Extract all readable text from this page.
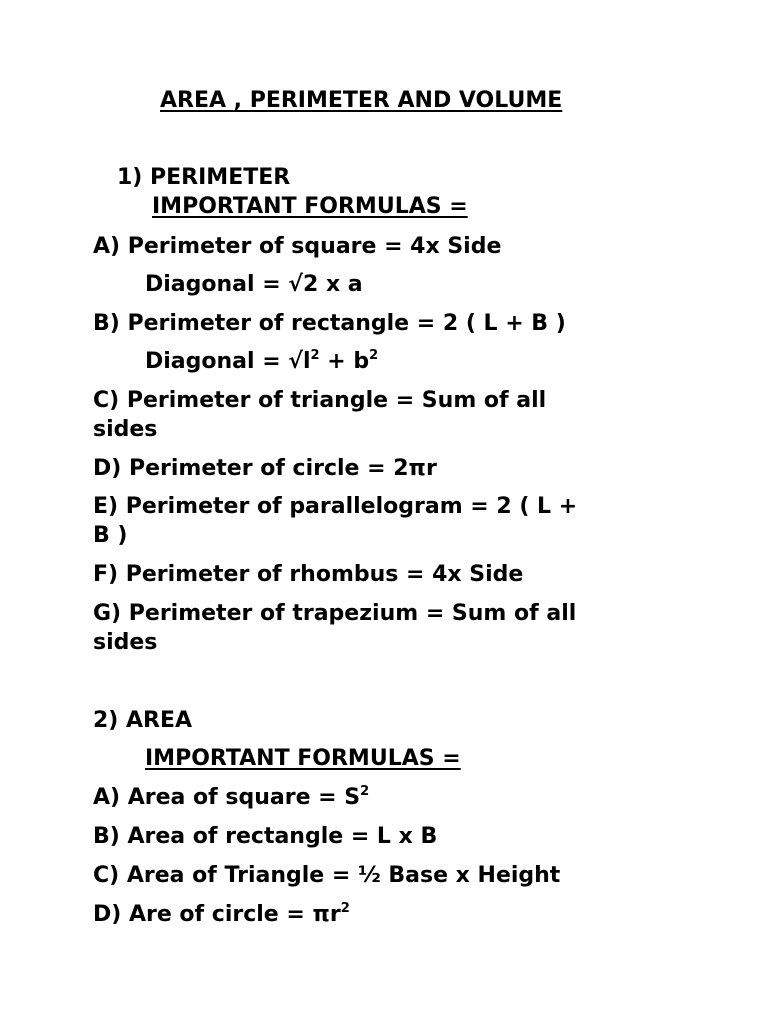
AREA , PERIMETER AND VOLUME
1) PERIMETER
IMPORTANT FORMULAS =
A) Perimeter of square = 4x Side
Diagonal = √2 x a
B) Perimeter of rectangle = 2 ( L + B )
Diagonal = $√l^2 + b^2$
C) Perimeter of triangle = Sum of all
sides
D) Perimeter of circle = 2πr
E) Perimeter of parallelogram = 2 ( L +
B )
F) Perimeter of rhombus = 4x Side
G) Perimeter of trapezium = Sum of all
sides
2) AREA
IMPORTANT FORMULAS =
A) Area of square = $S^2$
B) Area of rectangle = L x B
C) Area of Triangle = ½ Base x Height
D) Are of circle = $\pi r^2$
